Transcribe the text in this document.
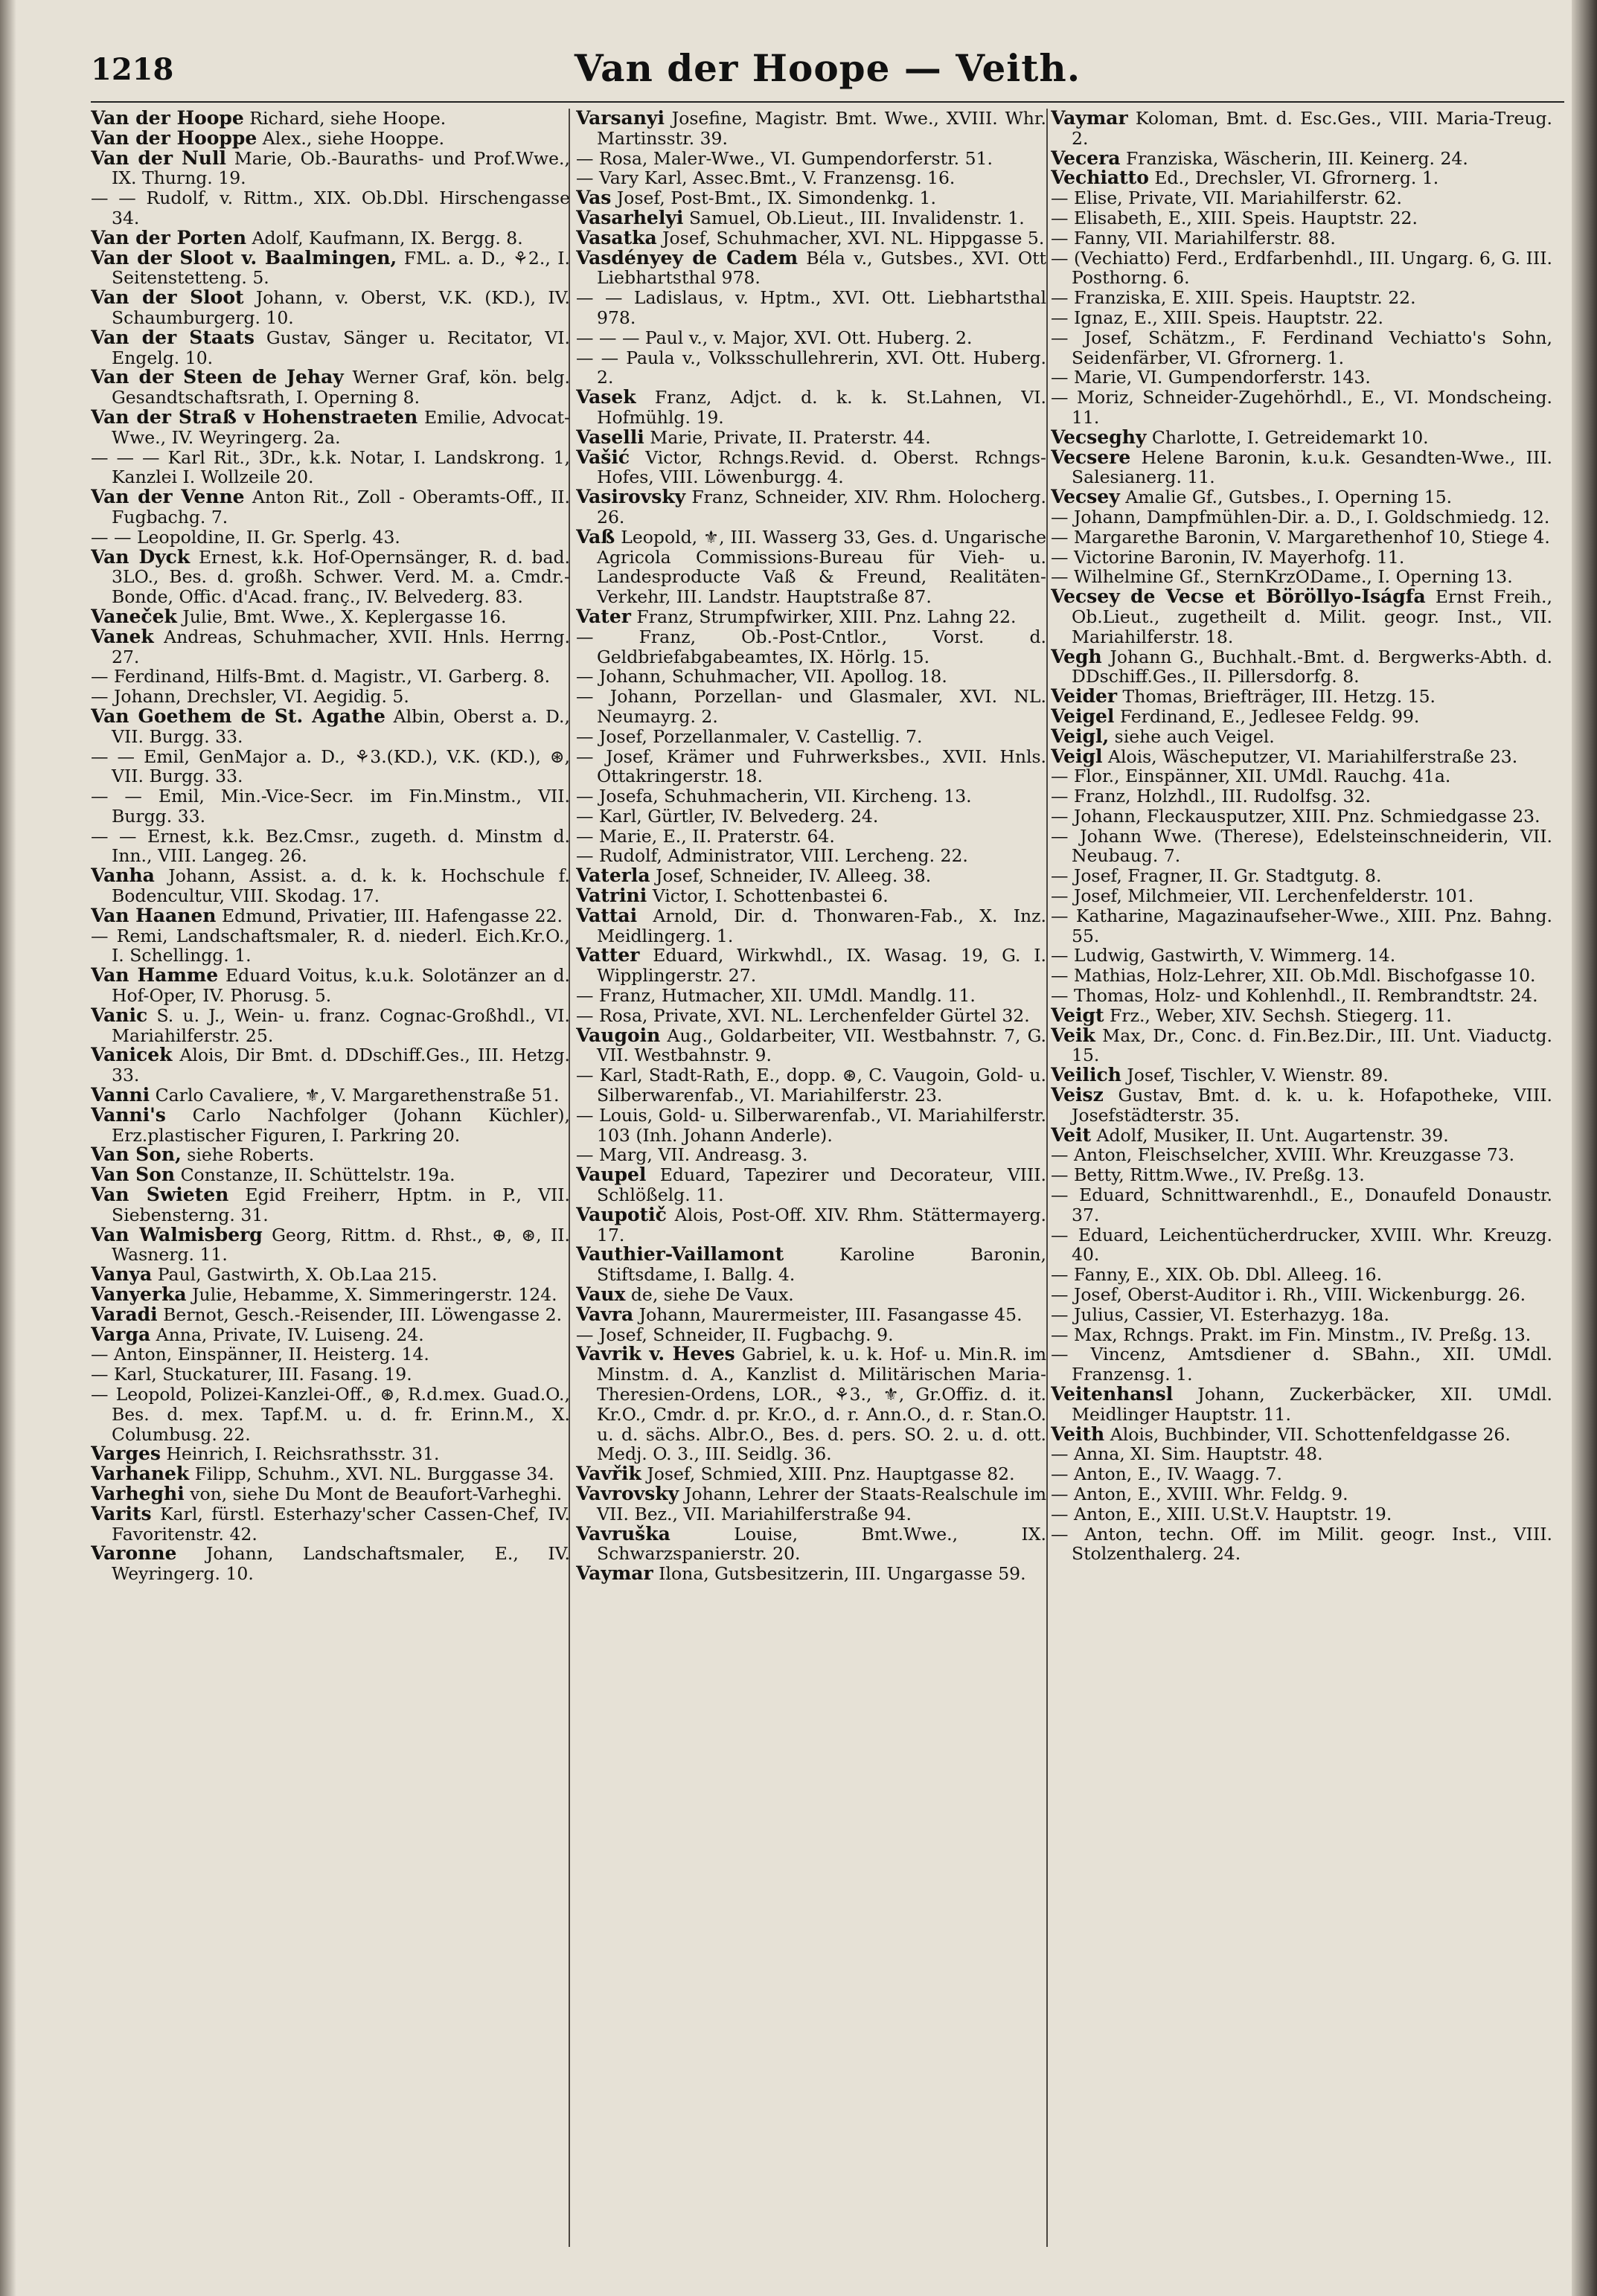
1218	Van der Hoope — Veith.

Van der Hoope Richard, siehe Hoope.

Van der Hooppe Alex., siehe Hooppe.

Van der Null Marie, Ob.-Bauraths- und Prof.Wwe., IX. Thurng. 19.

— — Rudolf, v. Rittm., XIX. Ob.Dbl. Hirschengasse 34.

Van der Porten Adolf, Kaufmann, IX. Bergg. 8.

Van der Sloot v. Baalmingen, FML. a. D., ⚘2., I. Seitenstetteng. 5.

Van der Sloot Johann, v. Oberst, V.K. (KD.), IV. Schaumburgerg. 10.

Van der Staats Gustav, Sänger u. Recitator, VI. Engelg. 10.

Van der Steen de Jehay Werner Graf, kön. belg. Gesandtschaftsrath, I. Operning 8.

Van der Straß v Hohenstraeten Emilie, Advocat-Wwe., IV. Weyringerg. 2a.

— — — Karl Rit., 3Dr., k.k. Notar, I. Landskrong. 1, Kanzlei I. Wollzeile 20.

Van der Venne Anton Rit., Zoll - Oberamts-Off., II. Fugbachg. 7.

— — Leopoldine, II. Gr. Sperlg. 43.

Van Dyck Ernest, k.k. Hof-Opernsänger, R. d. bad. 3LO., Bes. d. großh. Schwer. Verd. M. a. Cmdr.-Bonde, Offic. d'Acad. franç., IV. Belvederg. 83.

Vaneček Julie, Bmt. Wwe., X. Keplergasse 16.

Vanek Andreas, Schuhmacher, XVII. Hnls. Herrng. 27.

— Ferdinand, Hilfs-Bmt. d. Magistr., VI. Garberg. 8.

— Johann, Drechsler, VI. Aegidig. 5.

Van Goethem de St. Agathe Albin, Oberst a. D., VII. Burgg. 33.

— — Emil, GenMajor a. D., ⚘3.(KD.), V.K. (KD.), ⊛, VII. Burgg. 33.

— — Emil, Min.-Vice-Secr. im Fin.Minstm., VII. Burgg. 33.

— — Ernest, k.k. Bez.Cmsr., zugeth. d. Minstm d. Inn., VIII. Langeg. 26.

Vanha Johann, Assist. a. d. k. k. Hochschule f. Bodencultur, VIII. Skodag. 17.

Van Haanen Edmund, Privatier, III. Hafengasse 22.

— Remi, Landschaftsmaler, R. d. niederl. Eich.Kr.O., I. Schellingg. 1.

Van Hamme Eduard Voitus, k.u.k. Solotänzer an d. Hof-Oper, IV. Phorusg. 5.

Vanic S. u. J., Wein- u. franz. Cognac-Großhdl., VI. Mariahilferstr. 25.

Vanicek Alois, Dir Bmt. d. DDschiff.Ges., III. Hetzg. 33.

Vanni Carlo Cavaliere, ⚜, V. Margarethenstraße 51.

Vanni's Carlo Nachfolger (Johann Küchler), Erz.plastischer Figuren, I. Parkring 20.

Van Son, siehe Roberts.

Van Son Constanze, II. Schüttelstr. 19a.

Van Swieten Egid Freiherr, Hptm. in P., VII. Siebensterng. 31.

Van Walmisberg Georg, Rittm. d. Rhst., ⊕, ⊛, II. Wasnerg. 11.

Vanya Paul, Gastwirth, X. Ob.Laa 215.

Vanyerka Julie, Hebamme, X. Simmeringerstr. 124.

Varadi Bernot, Gesch.-Reisender, III. Löwengasse 2.

Varga Anna, Private, IV. Luiseng. 24.

— Anton, Einspänner, II. Heisterg. 14.

— Karl, Stuckaturer, III. Fasang. 19.

— Leopold, Polizei-Kanzlei-Off., ⊛, R.d.mex. Guad.O., Bes. d. mex. Tapf.M. u. d. fr. Erinn.M., X. Columbusg. 22.

Varges Heinrich, I. Reichsrathsstr. 31.

Varhanek Filipp, Schuhm., XVI. NL. Burggasse 34.

Varheghi von, siehe Du Mont de Beaufort-Varheghi.

Varits Karl, fürstl. Esterhazy'scher Cassen-Chef, IV. Favoritenstr. 42.

Varonne Johann, Landschaftsmaler, E., IV. Weyringerg. 10.

Varsanyi Josefine, Magistr. Bmt. Wwe., XVIII. Whr. Martinsstr. 39.

— Rosa, Maler-Wwe., VI. Gumpendorferstr. 51.

— Vary Karl, Assec.Bmt., V. Franzensg. 16.

Vas Josef, Post-Bmt., IX. Simondenkg. 1.

Vasarhelyi Samuel, Ob.Lieut., III. Invalidenstr. 1.

Vasatka Josef, Schuhmacher, XVI. NL. Hippgasse 5.

Vasdényey de Cadem Béla v., Gutsbes., XVI. Ott Liebhartsthal 978.

— — Ladislaus, v. Hptm., XVI. Ott. Liebhartsthal 978.

— — — Paul v., v. Major, XVI. Ott. Huberg. 2.

— — Paula v., Volksschullehrerin, XVI. Ott. Huberg. 2.

Vasek Franz, Adjct. d. k. k. St.Lahnen, VI. Hofmühlg. 19.

Vaselli Marie, Private, II. Praterstr. 44.

Vašić Victor, Rchngs.Revid. d. Oberst. Rchngs-Hofes, VIII. Löwenburgg. 4.

Vasirovsky Franz, Schneider, XIV. Rhm. Holocherg. 26.

Vaß Leopold, ⚜, III. Wasserg 33, Ges. d. Ungarische Agricola Commissions-Bureau für Vieh- u. Landesproducte Vaß & Freund, Realitäten-Verkehr, III. Landstr. Hauptstraße 87.

Vater Franz, Strumpfwirker, XIII. Pnz. Lahng 22.

— Franz, Ob.-Post-Cntlor., Vorst. d. Geldbriefabgabeamtes, IX. Hörlg. 15.

— Johann, Schuhmacher, VII. Apollog. 18.

— Johann, Porzellan- und Glasmaler, XVI. NL. Neumayrg. 2.

— Josef, Porzellanmaler, V. Castellig. 7.

— Josef, Krämer und Fuhrwerksbes., XVII. Hnls. Ottakringerstr. 18.

— Josefa, Schuhmacherin, VII. Kircheng. 13.

— Karl, Gürtler, IV. Belvederg. 24.

— Marie, E., II. Praterstr. 64.

— Rudolf, Administrator, VIII. Lercheng. 22.

Vaterla Josef, Schneider, IV. Alleeg. 38.

Vatrini Victor, I. Schottenbastei 6.

Vattai Arnold, Dir. d. Thonwaren-Fab., X. Inz. Meidlingerg. 1.

Vatter Eduard, Wirkwhdl., IX. Wasag. 19, G. I. Wipplingerstr. 27.

— Franz, Hutmacher, XII. UMdl. Mandlg. 11.

— Rosa, Private, XVI. NL. Lerchenfelder Gürtel 32.

Vaugoin Aug., Goldarbeiter, VII. Westbahnstr. 7, G. VII. Westbahnstr. 9.

— Karl, Stadt-Rath, E., dopp. ⊛, C. Vaugoin, Gold- u. Silberwarenfab., VI. Mariahilferstr. 23.

— Louis, Gold- u. Silberwarenfab., VI. Mariahilferstr. 103 (Inh. Johann Anderle).

— Marg, VII. Andreasg. 3.

Vaupel Eduard, Tapezirer und Decorateur, VIII. Schlößelg. 11.

Vaupotič Alois, Post-Off. XIV. Rhm. Stättermayerg. 17.

Vauthier-Vaillamont	Karoline Baronin, Stiftsdame, I. Ballg. 4.

Vaux de, siehe De Vaux.

Vavra Johann, Maurermeister, III. Fasangasse 45.

— Josef, Schneider, II. Fugbachg. 9.

Vavrik v. Heves Gabriel, k. u. k. Hof- u. Min.R. im Minstm. d. A., Kanzlist d. Militärischen Maria-Theresien-Ordens, LOR., ⚘3., ⚜, Gr.Offiz. d. it. Kr.O., Cmdr. d. pr. Kr.O., d. r. Ann.O., d. r. Stan.O. u. d. sächs. Albr.O., Bes. d. pers. SO. 2. u. d. ott. Medj. O. 3., III. Seidlg. 36.

Vavřik Josef, Schmied, XIII. Pnz. Hauptgasse 82.

Vavrovsky Johann, Lehrer der Staats-Realschule im VII. Bez., VII. Mariahilferstraße 94.

Vavruška	Louise, Bmt.Wwe., IX. Schwarzspanierstr. 20.

Vaymar Ilona, Gutsbesitzerin, III. Ungargasse 59.

Vaymar Koloman, Bmt. d. Esc.Ges., VIII. Maria-Treug. 2.

Vecera Franziska, Wäscherin, III. Keinerg. 24.

Vechiatto Ed., Drechsler, VI. Gfrornerg. 1.

— Elise, Private, VII. Mariahilferstr. 62.

— Elisabeth, E., XIII. Speis. Hauptstr. 22.

— Fanny, VII. Mariahilferstr. 88.

— (Vechiatto) Ferd., Erdfarbenhdl., III. Ungarg. 6, G. III. Posthorng. 6.

— Franziska, E. XIII. Speis. Hauptstr. 22.

— Ignaz, E., XIII. Speis. Hauptstr. 22.

— Josef, Schätzm., F. Ferdinand Vechiatto's Sohn, Seidenfärber, VI. Gfrornerg. 1.

— Marie, VI. Gumpendorferstr. 143.

— Moriz, Schneider-Zugehörhdl., E., VI. Mondscheing. 11.

Vecseghy Charlotte, I. Getreidemarkt 10.

Vecsere Helene Baronin, k.u.k. Gesandten-Wwe., III. Salesianerg. 11.

Vecsey Amalie Gf., Gutsbes., I. Operning 15.

— Johann, Dampfmühlen-Dir. a. D., I. Goldschmiedg. 12.

— Margarethe Baronin, V. Margarethenhof 10, Stiege 4.

— Victorine Baronin, IV. Mayerhofg. 11.

— Wilhelmine Gf., SternKrzODame., I. Operning 13.

Vecsey de Vecse et Böröllyo-Iságfa Ernst Freih., Ob.Lieut., zugetheilt d. Milit. geogr. Inst., VII. Mariahilferstr. 18.

Vegh Johann G., Buchhalt.-Bmt. d. Bergwerks-Abth. d. DDschiff.Ges., II. Pillersdorfg. 8.

Veider Thomas, Briefträger, III. Hetzg. 15.

Veigel Ferdinand, E., Jedlesee Feldg. 99.

Veigl, siehe auch Veigel.

Veigl Alois, Wäscheputzer, VI. Mariahilferstraße 23.

— Flor., Einspänner, XII. UMdl. Rauchg. 41a.

— Franz, Holzhdl., III. Rudolfsg. 32.

— Johann, Fleckausputzer, XIII. Pnz. Schmiedgasse 23.

— Johann Wwe. (Therese), Edelsteinschneiderin, VII. Neubaug. 7.

— Josef, Fragner, II. Gr. Stadtgutg. 8.

— Josef, Milchmeier, VII. Lerchenfelderstr. 101.

— Katharine, Magazinaufseher-Wwe., XIII. Pnz. Bahng. 55.

— Ludwig, Gastwirth, V. Wimmerg. 14.

— Mathias, Holz-Lehrer, XII. Ob.Mdl. Bischofgasse 10.

— Thomas, Holz- und Kohlenhdl., II. Rembrandtstr. 24.

Veigt Frz., Weber, XIV. Sechsh. Stiegerg. 11.

Veik Max, Dr., Conc. d. Fin.Bez.Dir., III. Unt. Viaductg. 15.

Veilich Josef, Tischler, V. Wienstr. 89.

Veisz Gustav, Bmt. d. k. u. k. Hofapotheke, VIII. Josefstädterstr. 35.

Veit Adolf, Musiker, II. Unt. Augartenstr. 39.

— Anton, Fleischselcher, XVIII. Whr. Kreuzgasse 73.

— Betty, Rittm.Wwe., IV. Preßg. 13.

— Eduard, Schnittwarenhdl., E., Donaufeld Donaustr. 37.

— Eduard, Leichentücherdrucker, XVIII. Whr. Kreuzg. 40.

— Fanny, E., XIX. Ob. Dbl. Alleeg. 16.

— Josef, Oberst-Auditor i. Rh., VIII. Wickenburgg. 26.

— Julius, Cassier, VI. Esterhazyg. 18a.

— Max, Rchngs. Prakt. im Fin. Minstm., IV. Preßg. 13.

— Vincenz, Amtsdiener d. SBahn., XII. UMdl. Franzensg. 1.

Veitenhansl Johann, Zuckerbäcker, XII. UMdl. Meidlinger Hauptstr. 11.

Veith Alois, Buchbinder, VII. Schottenfeldgasse 26.

— Anna, XI. Sim. Hauptstr. 48.

— Anton, E., IV. Waagg. 7.

— Anton, E., XVIII. Whr. Feldg. 9.

— Anton, E., XIII. U.St.V. Hauptstr. 19.

— Anton, techn. Off. im Milit. geogr. Inst., VIII. Stolzenthalerg. 24.
